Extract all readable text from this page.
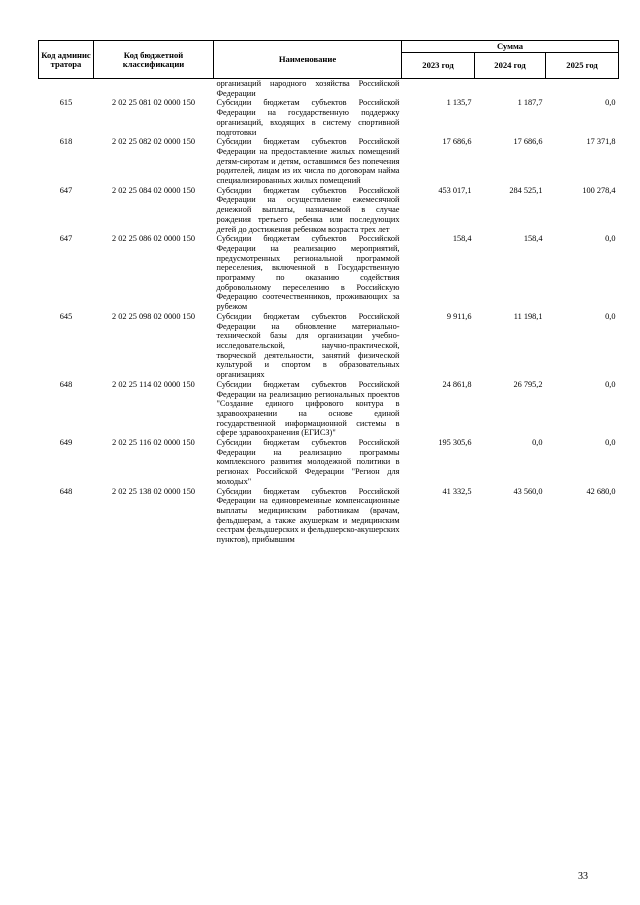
Код админис тратора	Код бюджетной классификации	Наименование	Сумма		
			2023 год	2024 год	2025 год
		организаций народного хозяйства Российской Федерации			
615	2 02 25 081 02 0000 150	Субсидии бюджетам субъектов Российской Федерации на государственную поддержку организаций, входящих в систему спортивной подготовки	1 135,7	1 187,7	0,0
618	2 02 25 082 02 0000 150	Субсидии бюджетам субъектов Российской Федерации на предоставление жилых помещений детям-сиротам и детям, оставшимся без попечения родителей, лицам из их числа по договорам найма специализированных жилых помещений	17 686,6	17 686,6	17 371,8
647	2 02 25 084 02 0000 150	Субсидии бюджетам субъектов Российской Федерации на осуществление ежемесячной денежной выплаты, назначаемой в случае рождения третьего ребенка или последующих детей до достижения ребенком возраста трех лет	453 017,1	284 525,1	100 278,4
647	2 02 25 086 02 0000 150	Субсидии бюджетам субъектов Российской Федерации на реализацию мероприятий, предусмотренных региональной программой переселения, включенной в Государственную программу по оказанию содействия добровольному переселению в Российскую Федерацию соотечественников, проживающих за рубежом	158,4	158,4	0,0
645	2 02 25 098 02 0000 150	Субсидии бюджетам субъектов Российской Федерации на обновление материально-технической базы для организации учебно-исследовательской, научно-практической, творческой деятельности, занятий физической культурой и спортом в образовательных организациях	9 911,6	11 198,1	0,0
648	2 02 25 114 02 0000 150	Субсидии бюджетам субъектов Российской Федерации на реализацию региональных проектов "Создание единого цифрового контура в здравоохранении на основе единой государственной информационной системы в сфере здравоохранения (ЕГИСЗ)"	24 861,8	26 795,2	0,0
649	2 02 25 116 02 0000 150	Субсидии бюджетам субъектов Российской Федерации на реализацию программы комплексного развития молодежной политики в регионах Российской Федерации "Регион для молодых"	195 305,6	0,0	0,0
648	2 02 25 138 02 0000 150	Субсидии бюджетам субъектов Российской Федерации на единовременные компенсационные выплаты медицинским работникам (врачам, фельдшерам, а также акушеркам и медицинским сестрам фельдшерских и фельдшерско-акушерских пунктов), прибывшим	41 332,5	43 560,0	42 680,0
33
